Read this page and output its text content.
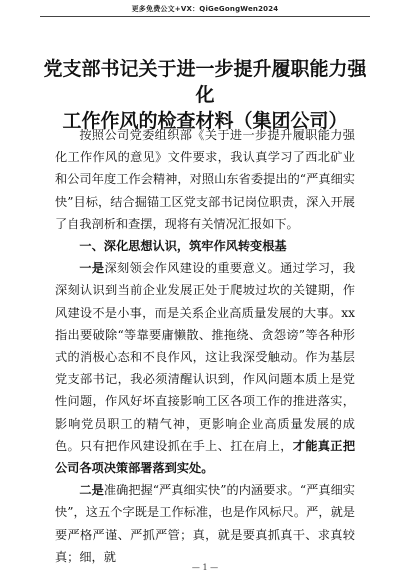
更多免费公文+VX：QiGeGongWen2024
党支部书记关于进一步提升履职能力强化
工作作风的检查材料（集团公司）

按照公司党委组织部《关于进一步提升履职能力强化工作作风的意见》文件要求，我认真学习了西北矿业和公司年度工作会精神，对照山东省委提出的“严真细实快”目标，结合掘锚工区党支部书记岗位职责，深入开展了自我剖析和查摆，现将有关情况汇报如下。

一、深化思想认识，筑牢作风转变根基

一是深刻领会作风建设的重要意义。通过学习，我深刻认识到当前企业发展正处于爬坡过坎的关键期，作风建设不是小事，而是关系企业高质量发展的大事。xx指出要破除“等靠要庸懒散、推拖绕、贪怨谤”等各种形式的消极心态和不良作风，这让我深受触动。作为基层党支部书记，我必须清醒认识到，作风问题本质上是党性问题，作风好坏直接影响工区各项工作的推进落实，影响党员职工的精气神，更影响企业高质量发展的成色。只有把作风建设抓在手上、扛在肩上，才能真正把公司各项决策部署落到实处。

二是准确把握“严真细实快”的内涵要求。“严真细实快”，这五个字既是工作标准，也是作风标尺。严，就是要严格严谨、严抓严管；真，就是要真抓真干、求真较真；细，就

— 1 —
